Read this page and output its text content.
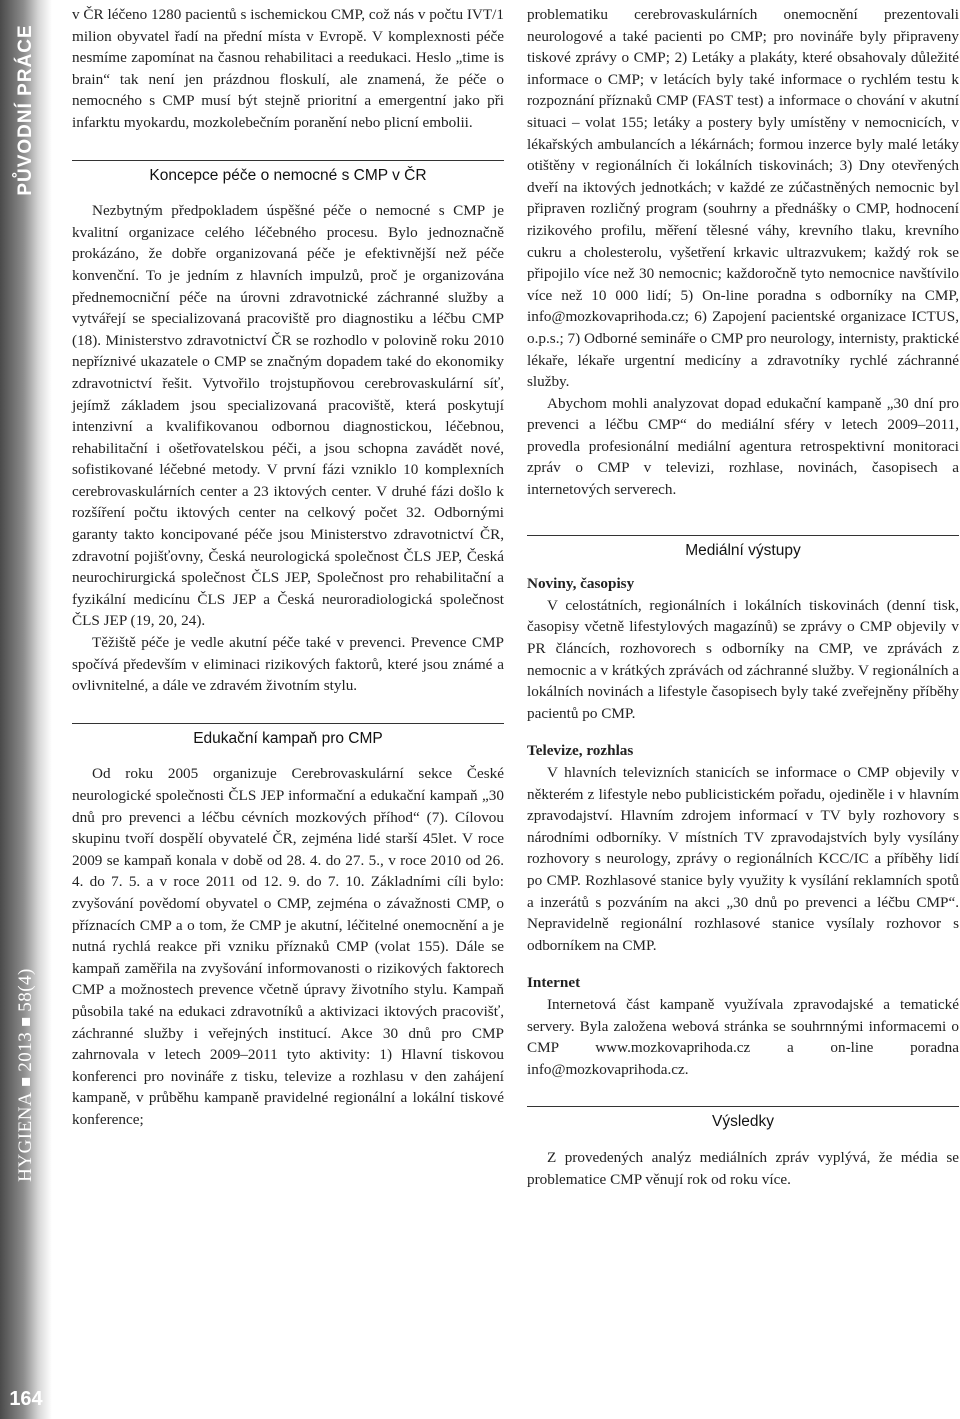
PŮVODNÍ PRÁCE
HYGIENA201358(4)
164

v ČR léčeno 1280 pacientů s ischemickou CMP, což nás v počtu IVT/1 milion obyvatel řadí na přední místa v Evropě. V komplexnosti péče nesmíme zapomínat na časnou rehabilitaci a reedukaci. Heslo „time is brain“ tak není jen prázdnou floskulí, ale znamená, že péče o nemocného s CMP musí být stejně prioritní a emergentní jako při infarktu myokardu, mozkolebečním poranění nebo plicní embolii.

Koncepce péče o nemocné s CMP v ČR

Nezbytným předpokladem úspěšné péče o nemocné s CMP je kvalitní organizace celého léčebného procesu. Bylo jednoznačně prokázáno, že dobře organizovaná péče je efektivnější než péče konvenční. To je jedním z hlavních impulzů, proč je organizována přednemocniční péče na úrovni zdravotnické záchranné služby a vytvářejí se specializovaná pracoviště pro diagnostiku a léčbu CMP (18). Ministerstvo zdravotnictví ČR se rozhodlo v polovině roku 2010 nepříznivé ukazatele o CMP se značným dopadem také do ekonomiky zdravotnictví řešit. Vytvořilo trojstupňovou cerebrovaskulární síť, jejímž základem jsou specializovaná pracoviště, která poskytují intenzivní a kvalifikovanou odbornou diagnostickou, léčebnou, rehabilitační i ošetřovatelskou péči, a jsou schopna zavádět nové, sofistikované léčebné metody. V první fázi vzniklo 10 komplexních cerebrovaskulárních center a 23 iktových center. V druhé fázi došlo k rozšíření počtu iktových center na celkový počet 32. Odbornými garanty takto koncipované péče jsou Ministerstvo zdravotnictví ČR, zdravotní pojišťovny, Česká neurologická společnost ČLS JEP, Česká neurochirurgická společnost ČLS JEP, Společnost pro rehabilitační a fyzikální medicínu ČLS JEP a Česká neuroradiologická společnost ČLS JEP (19, 20, 24).

Těžiště péče je vedle akutní péče také v prevenci. Prevence CMP spočívá především v eliminaci rizikových faktorů, které jsou známé a ovlivnitelné, a dále ve zdravém životním stylu.

Edukační kampaň pro CMP

Od roku 2005 organizuje Cerebrovaskulární sekce České neurologické společnosti ČLS JEP informační a edukační kampaň „30 dnů pro prevenci a léčbu cévních mozkových příhod“ (7). Cílovou skupinu tvoří dospělí obyvatelé ČR, zejména lidé starší 45let. V roce 2009 se kampaň konala v době od 28. 4. do 27. 5., v roce 2010 od 26. 4. do 7. 5. a v roce 2011 od 12. 9. do 7. 10. Základními cíli bylo: zvyšování povědomí obyvatel o CMP, zejména o závažnosti CMP, o příznacích CMP a o tom, že CMP je akutní, léčitelné onemocnění a je nutná rychlá reakce při vzniku příznaků CMP (volat 155). Dále se kampaň zaměřila na zvyšování informovanosti o rizikových faktorech CMP a možnostech prevence včetně úpravy životního stylu. Kampaň působila také na edukaci zdravotníků a aktivizaci iktových pracovišť, záchranné služby i veřejných institucí. Akce 30 dnů pro CMP zahrnovala v letech 2009–2011 tyto aktivity: 1) Hlavní tiskovou konferenci pro novináře z tisku, televize a rozhlasu v den zahájení kampaně, v průběhu kampaně pravidelné regionální a lokální tiskové konference;

problematiku cerebrovaskulárních onemocnění prezentovali neurologové a také pacienti po CMP; pro novináře byly připraveny tiskové zprávy o CMP; 2) Letáky a plakáty, které obsahovaly důležité informace o CMP; v letácích byly také informace o rychlém testu k rozpoznání příznaků CMP (FAST test) a informace o chování v akutní situaci – volat 155; letáky a postery byly umístěny v nemocnicích, v lékařských ambulancích a lékárnách; formou inzerce byly malé letáky otištěny v regionálních či lokálních tiskovinách; 3) Dny otevřených dveří na iktových jednotkách; v každé ze zúčastněných nemocnic byl připraven rozličný program (souhrny a přednášky o CMP, hodnocení rizikového profilu, měření tělesné váhy, krevního tlaku, krevního cukru a cholesterolu, vyšetření krkavic ultrazvukem; každý rok se připojilo více než 30 nemocnic; každoročně tyto nemocnice navštívilo více než 10 000 lidí; 5) On-line poradna s odborníky na CMP, info@mozkovaprihoda.cz; 6) Zapojení pacientské organizace ICTUS, o.p.s.; 7) Odborné semináře o CMP pro neurology, internisty, praktické lékaře, lékaře urgentní medicíny a zdravotníky rychlé záchranné služby.

Abychom mohli analyzovat dopad edukační kampaně „30 dní pro prevenci a léčbu CMP“ do mediální sféry v letech 2009–2011, provedla profesionální mediální agentura retrospektivní monitoraci zpráv o CMP v televizi, rozhlase, novinách, časopisech a internetových serverech.

Mediální výstupy

Noviny, časopisy

V celostátních, regionálních i lokálních tiskovinách (denní tisk, časopisy včetně lifestylových magazínů) se zprávy o CMP objevily v PR článcích, rozhovorech s odborníky na CMP, ve zprávách z nemocnic a v krátkých zprávách od záchranné služby. V regionálních a lokálních novinách a lifestyle časopisech byly také zveřejněny příběhy pacientů po CMP.

Televize, rozhlas

V hlavních televizních stanicích se informace o CMP objevily v některém z lifestyle nebo publicistickém pořadu, ojediněle i v hlavním zpravodajství. Hlavním zdrojem informací v TV byly rozhovory s národními odborníky. V místních TV zpravodajstvích byly vysílány rozhovory s neurology, zprávy o regionálních KCC/IC a příběhy lidí po CMP. Rozhlasové stanice byly využity k vysílání reklamních spotů a inzerátů s pozváním na akci „30 dnů po prevenci a léčbu CMP“. Nepravidelně regionální rozhlasové stanice vysílaly rozhovor s odborníkem na CMP.

Internet

Internetová část kampaně využívala zpravodajské a tematické servery. Byla založena webová stránka se souhrnnými informacemi o CMP www.mozkovaprihoda.cz a on-line poradna info@mozkovaprihoda.cz.

Výsledky

Z provedených analýz mediálních zpráv vyplývá, že média se problematice CMP věnují rok od roku více.
